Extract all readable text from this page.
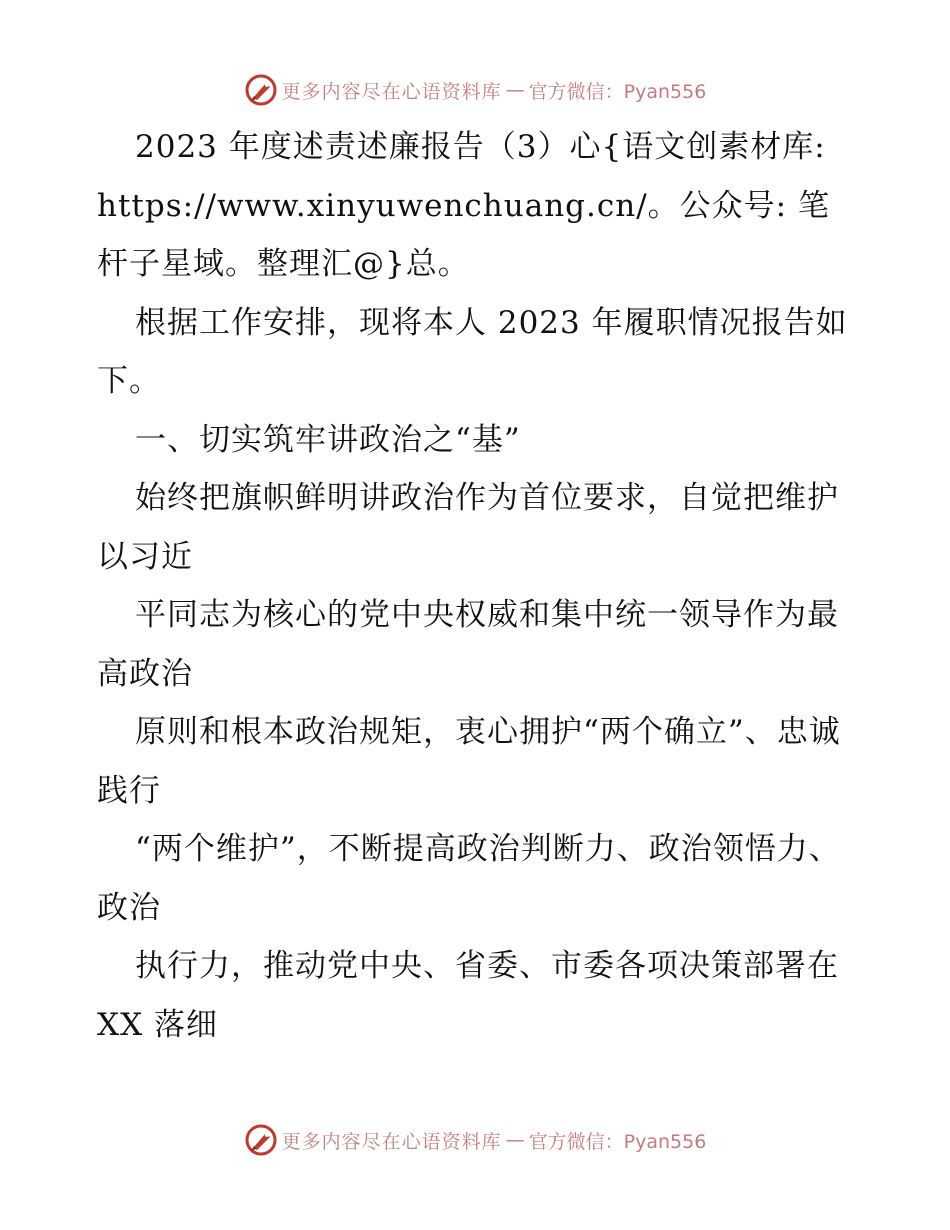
更多内容尽在心语资料库 — 官方微信：Pyan556

2023 年度述责述廉报告（3）心{语文创素材库: https://www.xinyuwenchuang.cn/。公众号: 笔杆子星域。整理汇@}总。

根据工作安排，现将本人 2023 年履职情况报告如下。

一、切实筑牢讲政治之“基”

始终把旗帜鲜明讲政治作为首位要求，自觉把维护以习近

平同志为核心的党中央权威和集中统一领导作为最高政治

原则和根本政治规矩，衷心拥护“两个确立”、忠诚践行

“两个维护”，不断提高政治判断力、政治领悟力、政治

执行力，推动党中央、省委、市委各项决策部署在 XX 落细

更多内容尽在心语资料库 — 官方微信：Pyan556
